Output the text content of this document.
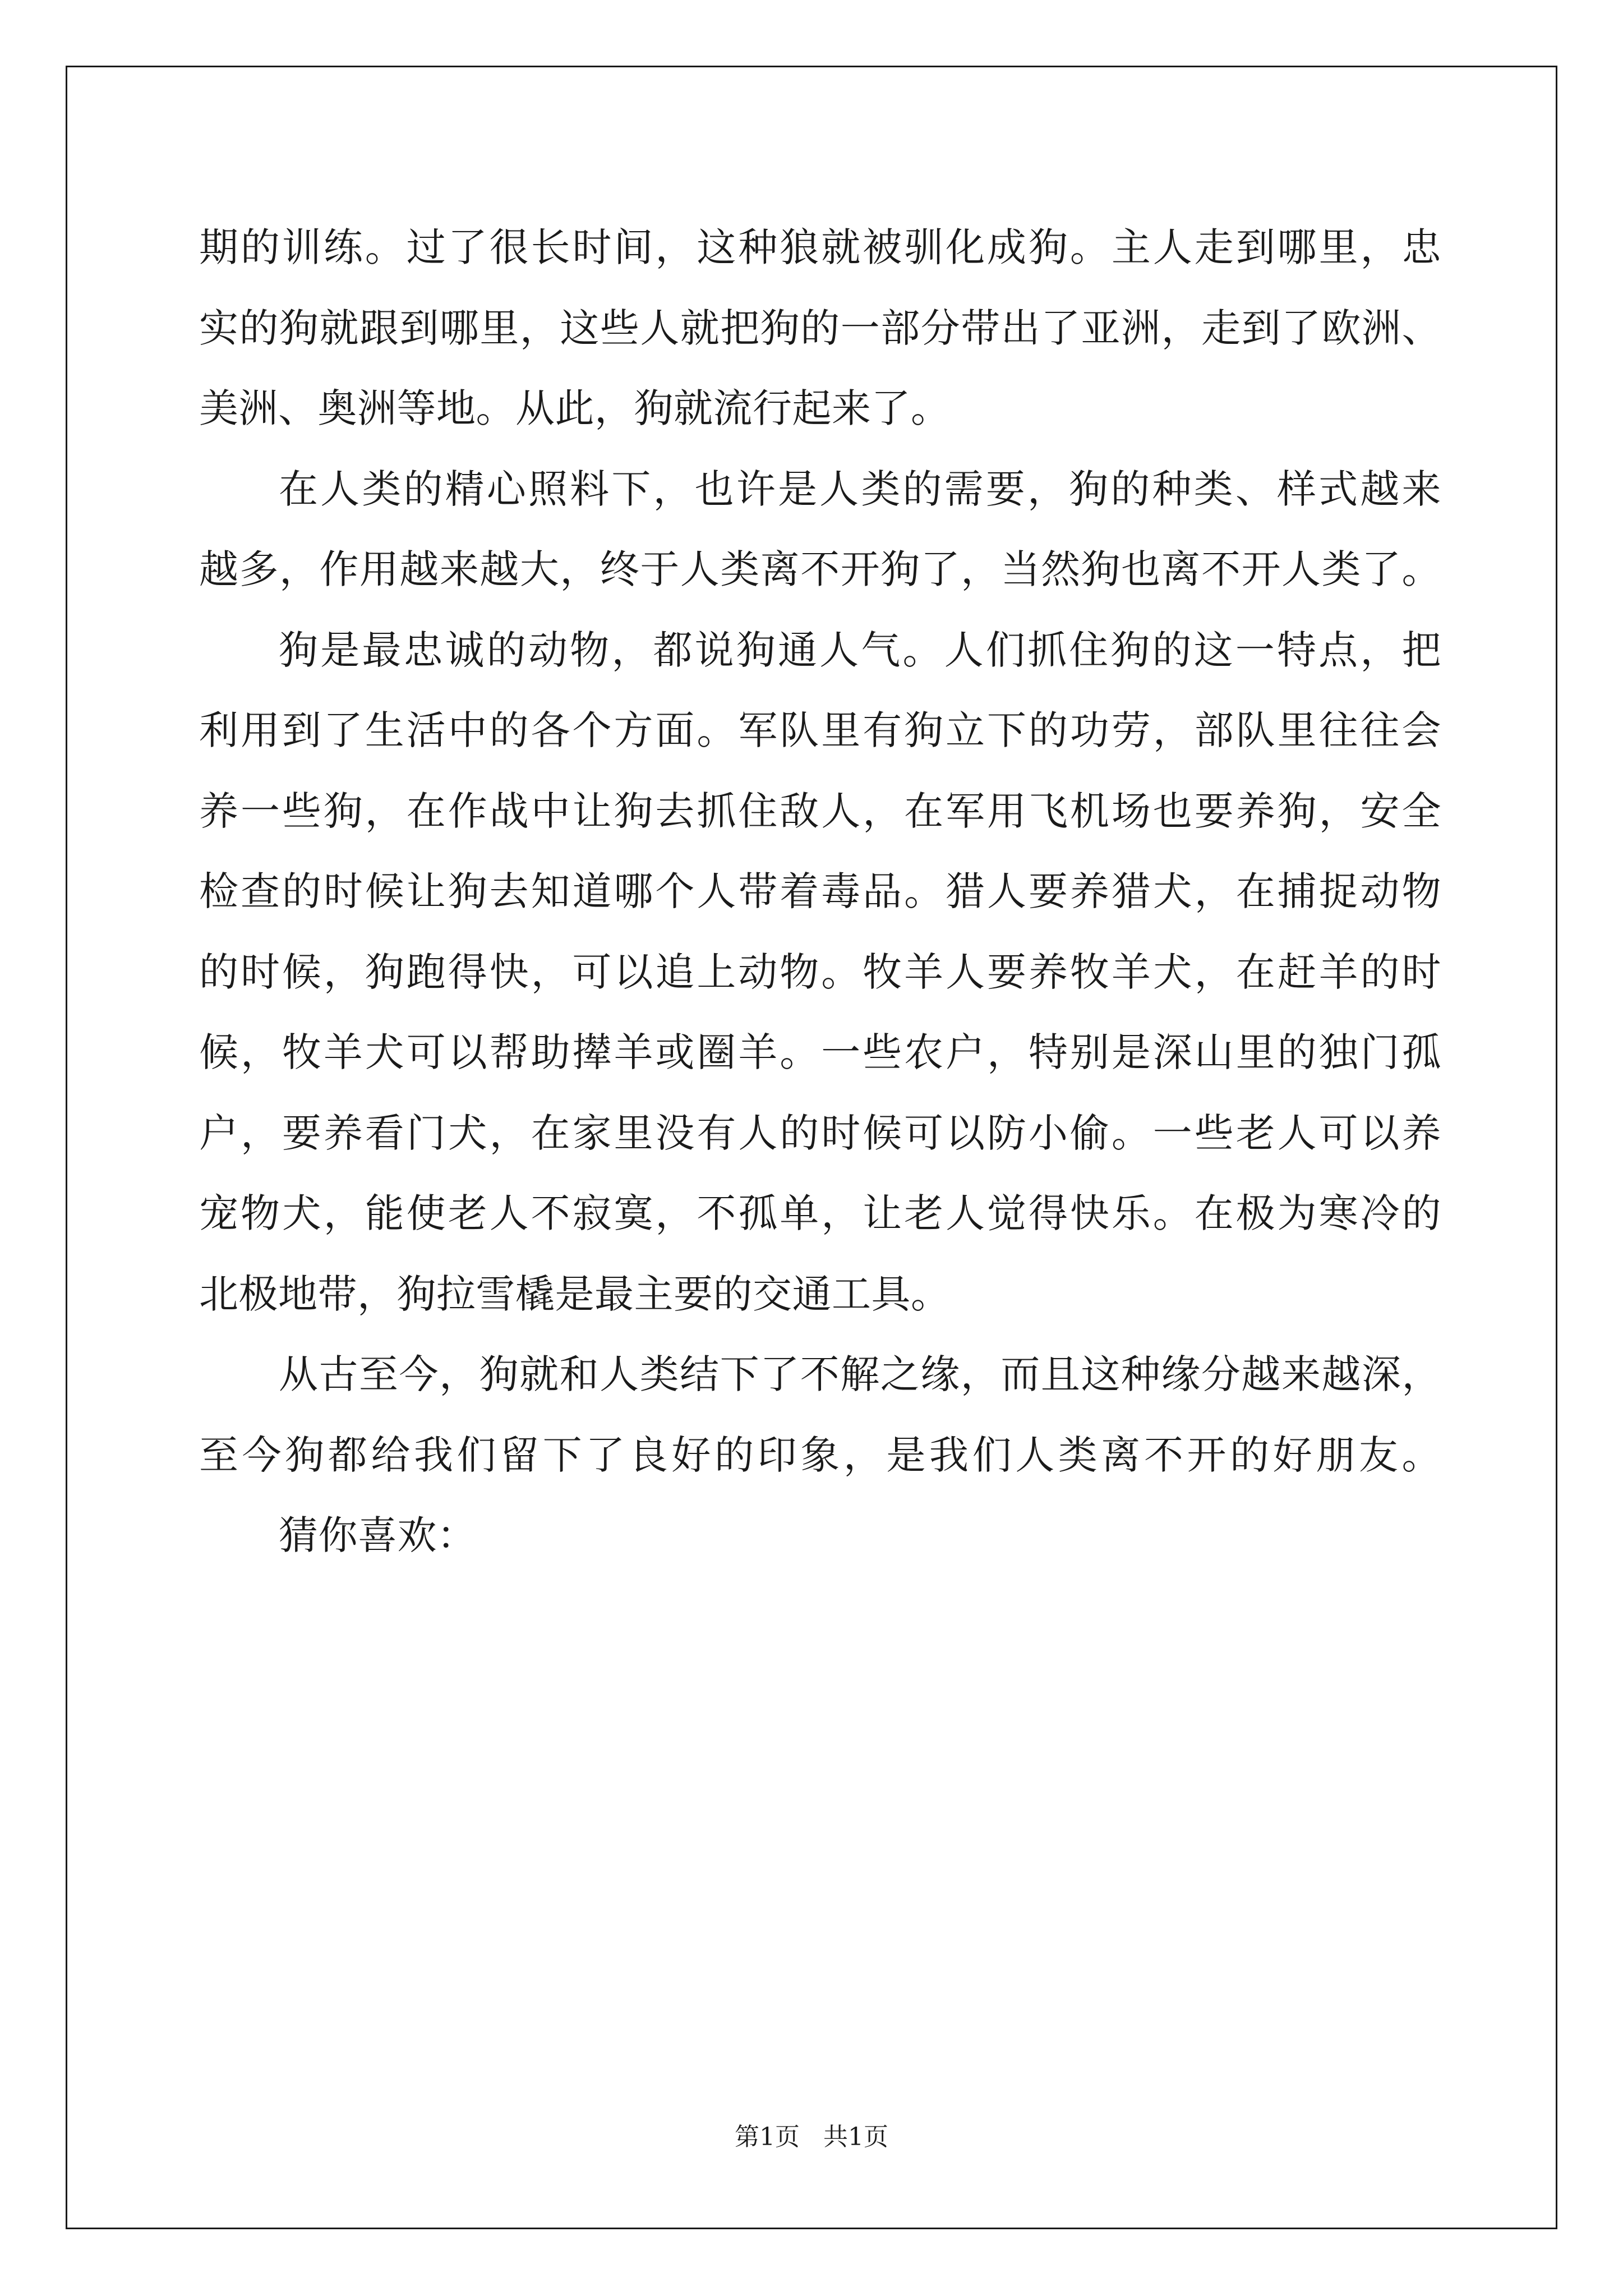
期的训练。过了很长时间，这种狼就被驯化成狗。主人走到哪里，忠
实的狗就跟到哪里，这些人就把狗的一部分带出了亚洲，走到了欧洲、
美洲、奥洲等地。从此，狗就流行起来了。
在人类的精心照料下，也许是人类的需要，狗的种类、样式越来
越多，作用越来越大，终于人类离不开狗了，当然狗也离不开人类了。
狗是最忠诚的动物，都说狗通人气。人们抓住狗的这一特点，把
利用到了生活中的各个方面。军队里有狗立下的功劳，部队里往往会
养一些狗，在作战中让狗去抓住敌人，在军用飞机场也要养狗，安全
检查的时候让狗去知道哪个人带着毒品。猎人要养猎犬，在捕捉动物
的时候，狗跑得快，可以追上动物。牧羊人要养牧羊犬，在赶羊的时
候，牧羊犬可以帮助撵羊或圈羊。一些农户，特别是深山里的独门孤
户，要养看门犬，在家里没有人的时候可以防小偷。一些老人可以养
宠物犬，能使老人不寂寞，不孤单，让老人觉得快乐。在极为寒冷的
北极地带，狗拉雪橇是最主要的交通工具。
从古至今，狗就和人类结下了不解之缘，而且这种缘分越来越深，
至今狗都给我们留下了良好的印象，是我们人类离不开的好朋友。
猜你喜欢：
第1页   共1页
